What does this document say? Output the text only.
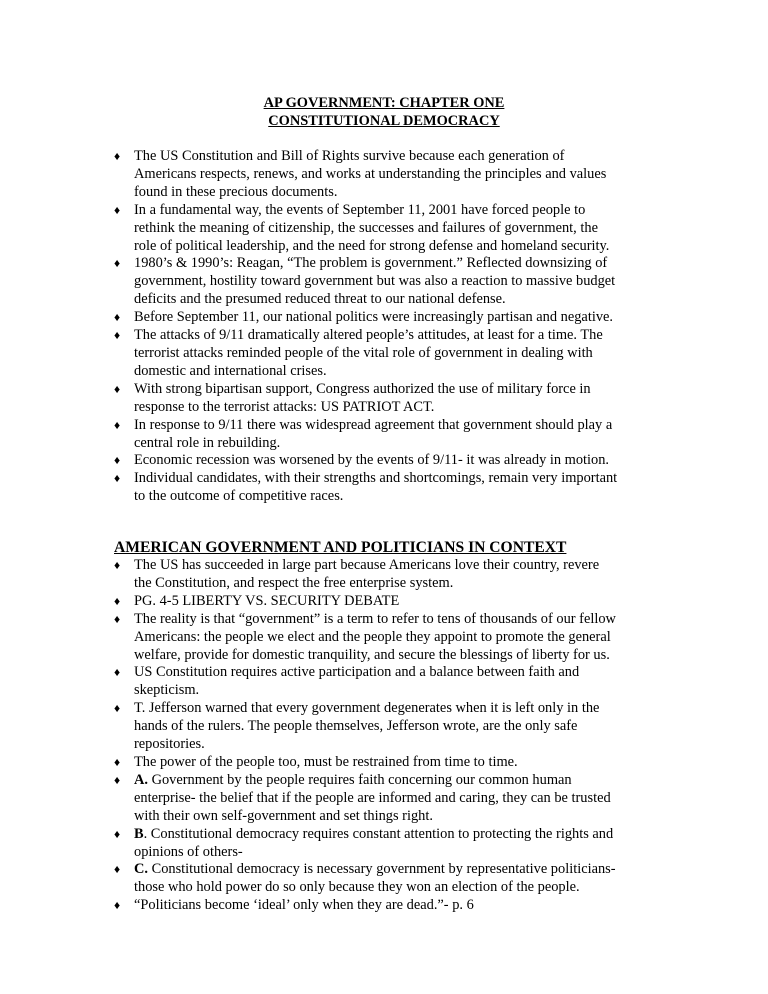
AP GOVERNMENT: CHAPTER ONE
CONSTITUTIONAL DEMOCRACY
♦ The US Constitution and Bill of Rights survive because each generation of Americans respects, renews, and works at understanding the principles and values found in these precious documents.
♦ In a fundamental way, the events of September 11, 2001 have forced people to rethink the meaning of citizenship, the successes and failures of government, the role of political leadership, and the need for strong defense and homeland security.
♦ 1980’s & 1990’s: Reagan, “The problem is government.” Reflected downsizing of government, hostility toward government but was also a reaction to massive budget deficits and the presumed reduced threat to our national defense.
♦ Before September 11, our national politics were increasingly partisan and negative.
♦ The attacks of 9/11 dramatically altered people’s attitudes, at least for a time. The terrorist attacks reminded people of the vital role of government in dealing with domestic and international crises.
♦ With strong bipartisan support, Congress authorized the use of military force in response to the terrorist attacks: US PATRIOT ACT.
♦ In response to 9/11 there was widespread agreement that government should play a central role in rebuilding.
♦ Economic recession was worsened by the events of 9/11- it was already in motion.
♦ Individual candidates, with their strengths and shortcomings, remain very important to the outcome of competitive races.
AMERICAN GOVERNMENT AND POLITICIANS IN CONTEXT
♦ The US has succeeded in large part because Americans love their country, revere the Constitution, and respect the free enterprise system.
♦ PG. 4-5 LIBERTY VS. SECURITY DEBATE
♦ The reality is that “government” is a term to refer to tens of thousands of our fellow Americans: the people we elect and the people they appoint to promote the general welfare, provide for domestic tranquility, and secure the blessings of liberty for us.
♦ US Constitution requires active participation and a balance between faith and skepticism.
♦ T. Jefferson warned that every government degenerates when it is left only in the hands of the rulers. The people themselves, Jefferson wrote, are the only safe repositories.
♦ The power of the people too, must be restrained from time to time.
♦ A. Government by the people requires faith concerning our common human enterprise- the belief that if the people are informed and caring, they can be trusted with their own self-government and set things right.
♦ B. Constitutional democracy requires constant attention to protecting the rights and opinions of others-
♦ C. Constitutional democracy is necessary government by representative politicians- those who hold power do so only because they won an election of the people.
♦ “Politicians become ‘ideal’ only when they are dead.”- p. 6
